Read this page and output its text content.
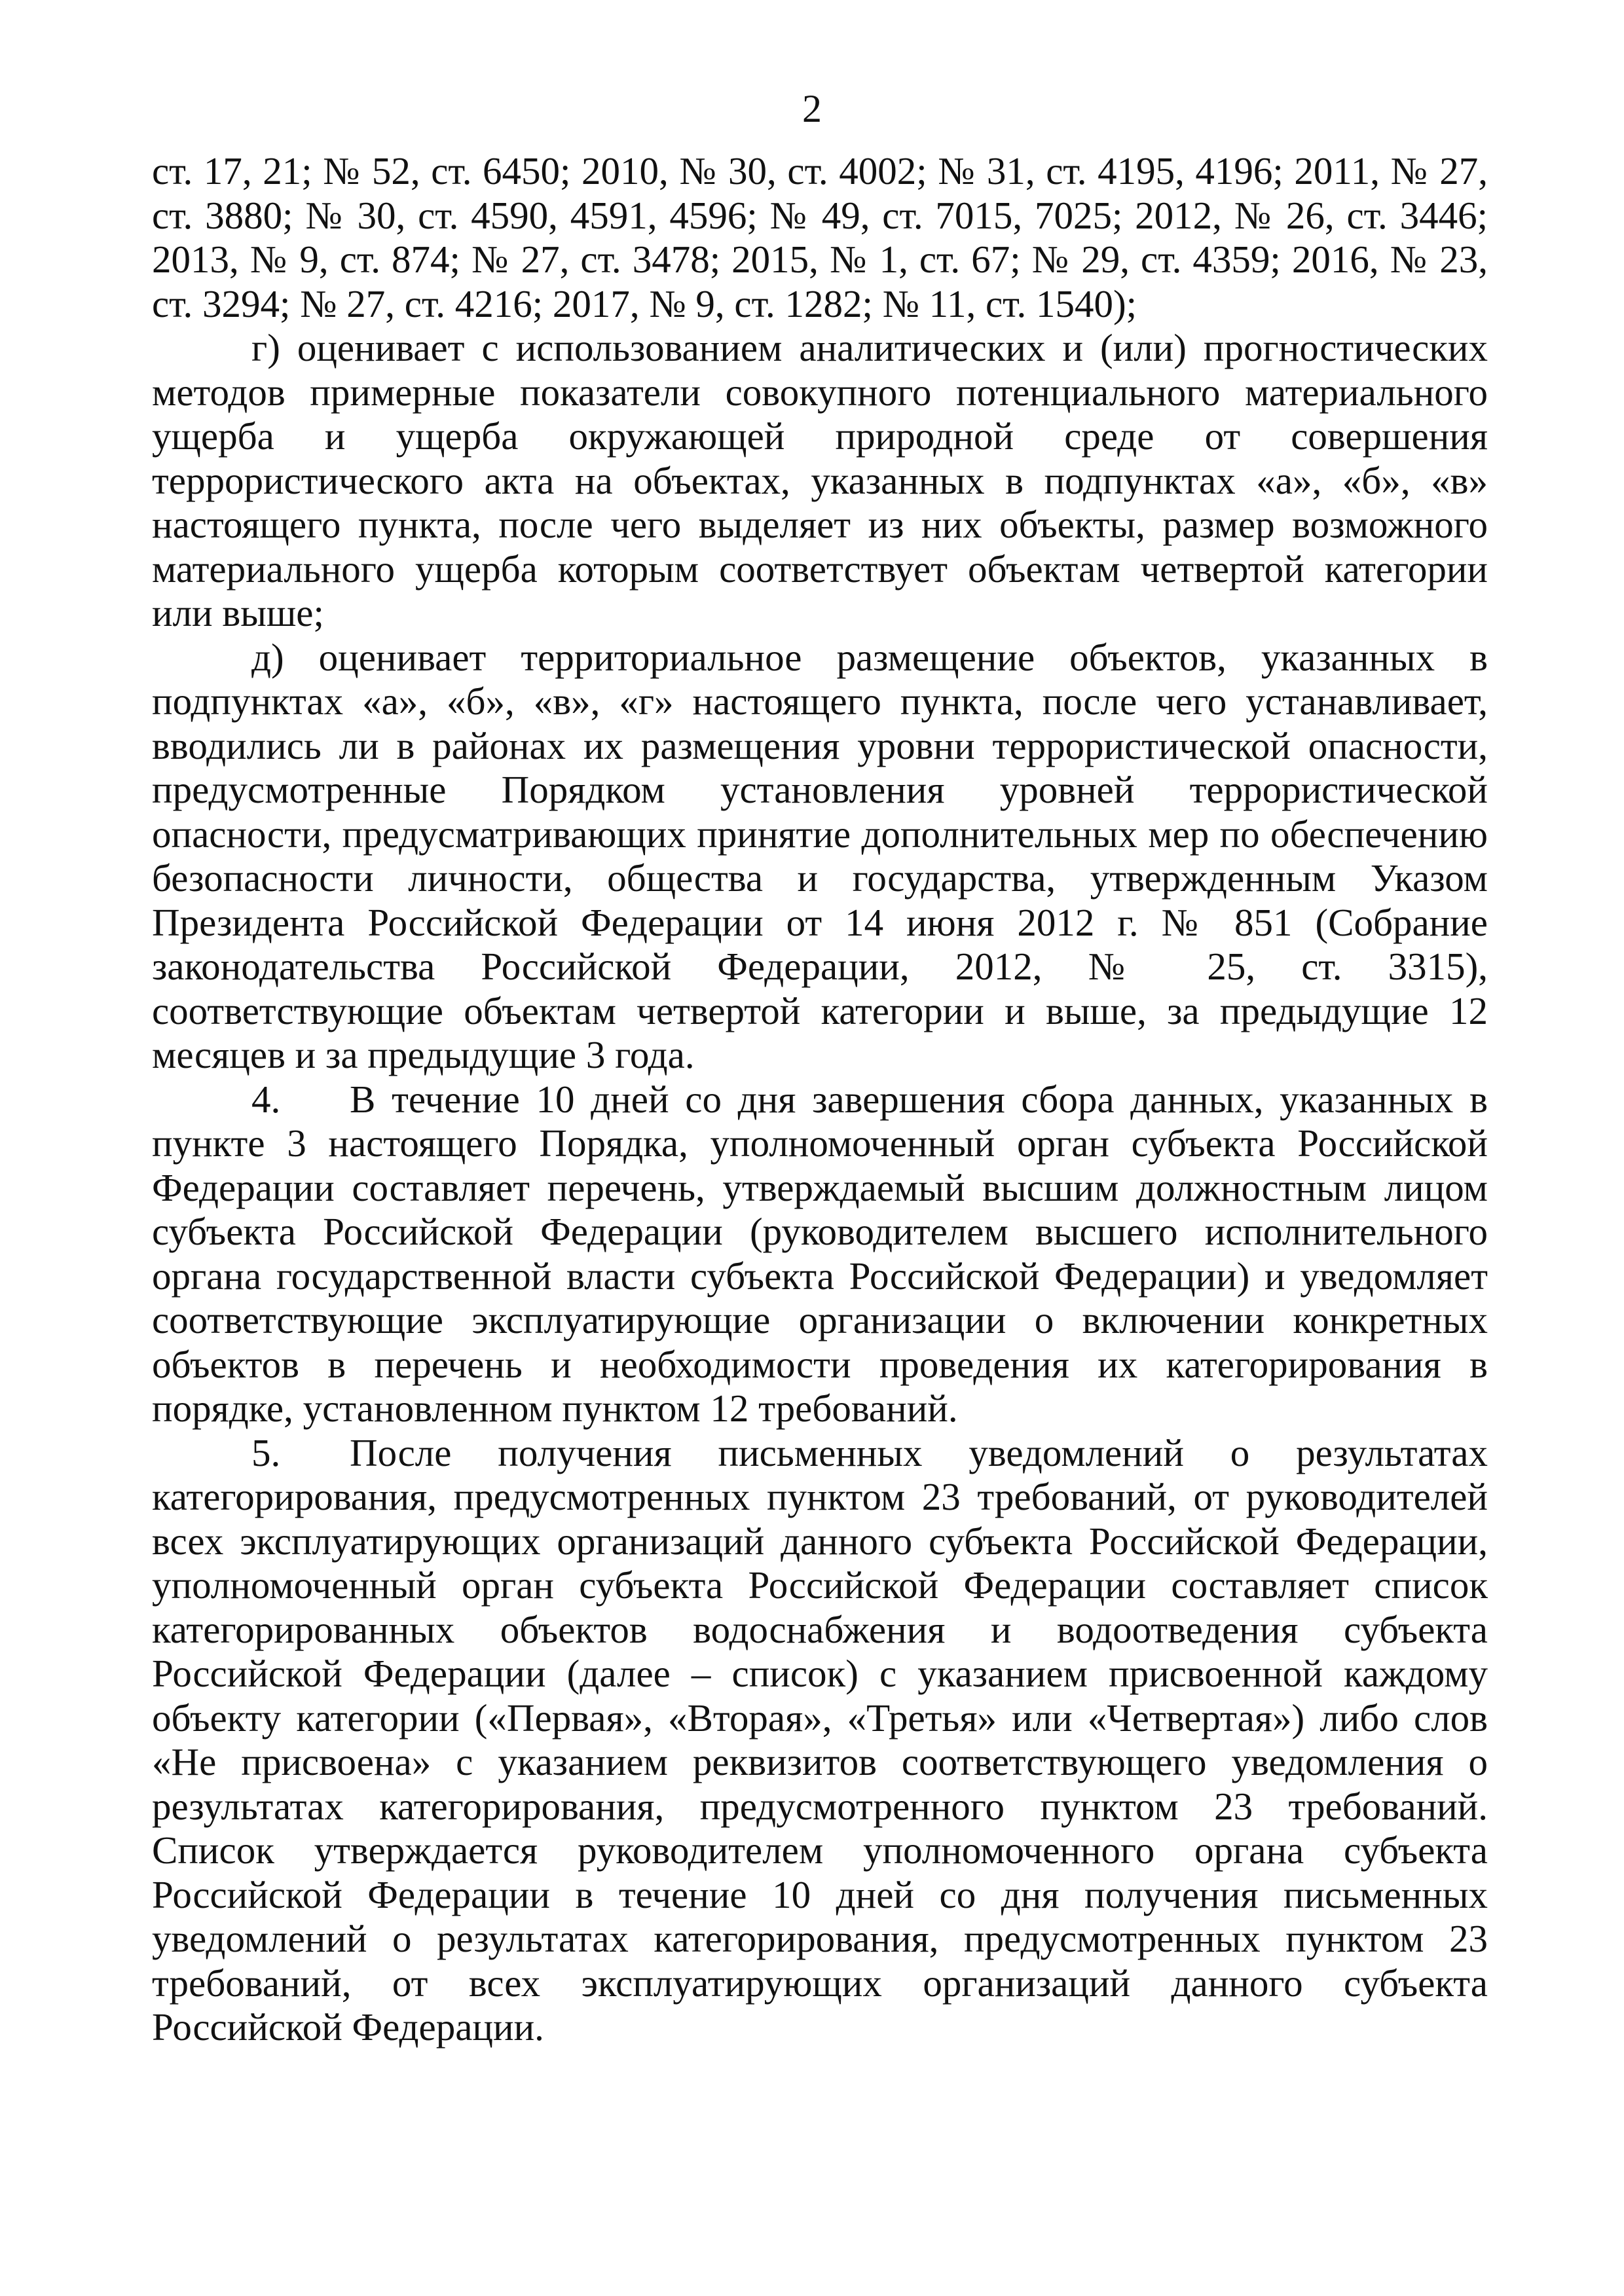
2

ст. 17, 21; № 52, ст. 6450; 2010, № 30, ст. 4002; № 31, ст. 4195, 4196; 2011, № 27, ст. 3880; № 30, ст. 4590, 4591, 4596; № 49, ст. 7015, 7025; 2012, № 26, ст. 3446; 2013, № 9, ст. 874; № 27, ст. 3478; 2015, № 1, ст. 67; № 29, ст. 4359; 2016, № 23, ст. 3294; № 27, ст. 4216; 2017, № 9, ст. 1282; № 11, ст. 1540);

г) оценивает с использованием аналитических и (или) прогностических методов примерные показатели совокупного потенциального материального ущерба и ущерба окружающей природной среде от совершения террористического акта на объектах, указанных в подпунктах «а», «б», «в» настоящего пункта, после чего выделяет из них объекты, размер возможного материального ущерба которым соответствует объектам четвертой категории или выше;

д) оценивает территориальное размещение объектов, указанных в подпунктах «а», «б», «в», «г» настоящего пункта, после чего устанавливает, вводились ли в районах их размещения уровни террористической опасности, предусмотренные Порядком установления уровней террористической опасности, предусматривающих принятие дополнительных мер по обеспечению безопасности личности, общества и государства, утвержденным Указом Президента Российской Федерации от 14 июня 2012 г. № 851 (Собрание законодательства Российской Федерации, 2012, № 25, ст. 3315), соответствующие объектам четвертой категории и выше, за предыдущие 12 месяцев и за предыдущие 3 года.

4. В течение 10 дней со дня завершения сбора данных, указанных в пункте 3 настоящего Порядка, уполномоченный орган субъекта Российской Федерации составляет перечень, утверждаемый высшим должностным лицом субъекта Российской Федерации (руководителем высшего исполнительного органа государственной власти субъекта Российской Федерации) и уведомляет соответствующие эксплуатирующие организации о включении конкретных объектов в перечень и необходимости проведения их категорирования в порядке, установленном пунктом 12 требований.

5. После получения письменных уведомлений о результатах категорирования, предусмотренных пунктом 23 требований, от руководителей всех эксплуатирующих организаций данного субъекта Российской Федерации, уполномоченный орган субъекта Российской Федерации составляет список категорированных объектов водоснабжения и водоотведения субъекта Российской Федерации (далее – список) с указанием присвоенной каждому объекту категории («Первая», «Вторая», «Третья» или «Четвертая») либо слов «Не присвоена» с указанием реквизитов соответствующего уведомления о результатах категорирования, предусмотренного пунктом 23 требований. Список утверждается руководителем уполномоченного органа субъекта Российской Федерации в течение 10 дней со дня получения письменных уведомлений о результатах категорирования, предусмотренных пунктом 23 требований, от всех эксплуатирующих организаций данного субъекта Российской Федерации.
